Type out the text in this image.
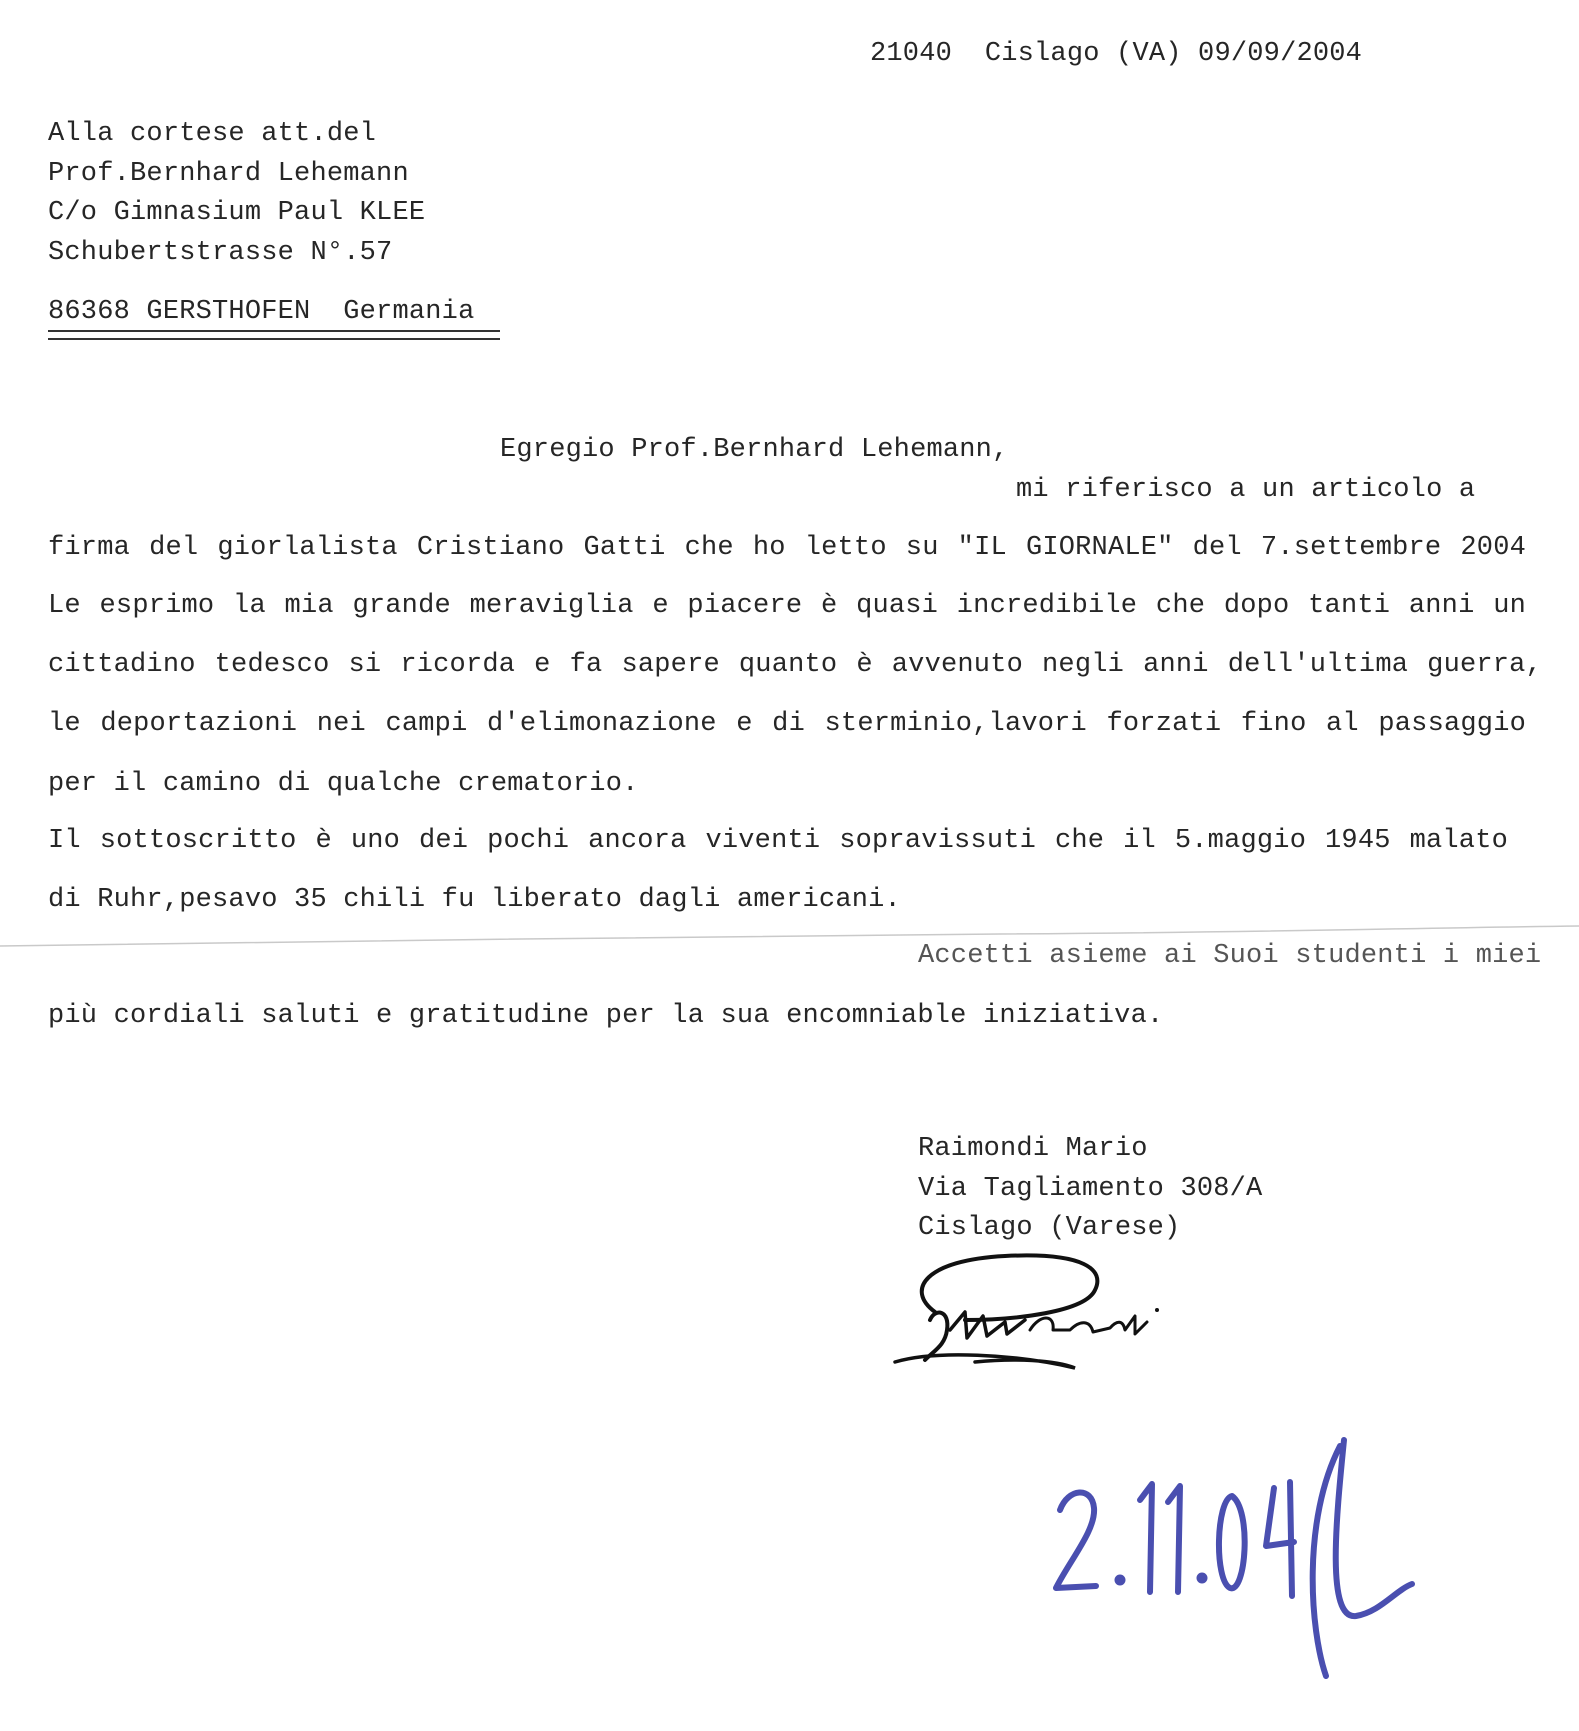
21040  Cislago (VA) 09/09/2004
Alla cortese att.del
Prof.Bernhard Lehemann
C/o Gimnasium Paul KLEE
Schubertstrasse N°.57
86368 GERSTHOFEN  Germania
Egregio Prof.Bernhard Lehemann,
mi riferisco a un articolo a
firma del giorlalista Cristiano Gatti che ho letto su "IL GIORNALE" del 7.settembre 2004
Le esprimo la mia grande meraviglia e piacere è quasi incredibile che dopo tanti anni un
cittadino tedesco si ricorda e fa sapere quanto è avvenuto negli anni dell'ultima guerra,
le deportazioni nei campi d'elimonazione e di sterminio,lavori forzati fino al passaggio
per il camino di qualche crematorio.
Il sottoscritto è uno dei pochi ancora viventi sopravissuti che il 5.maggio 1945 malato
di Ruhr,pesavo 35 chili fu liberato dagli americani.
Accetti asieme ai Suoi studenti i miei
più cordiali saluti e gratitudine per la sua encomniable iniziativa.
Raimondi Mario
Via Tagliamento 308/A
Cislago (Varese)
